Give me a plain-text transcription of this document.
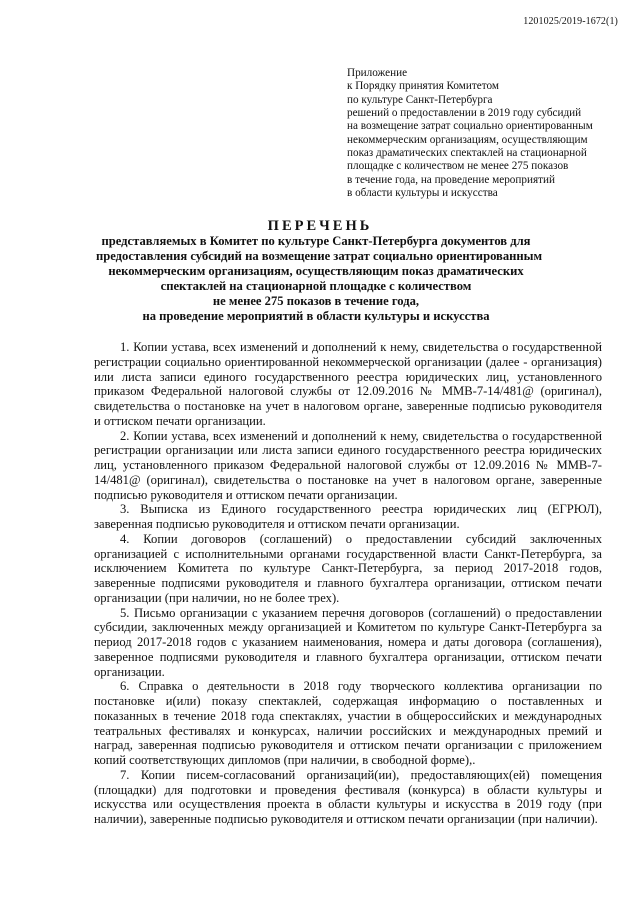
1201025/2019-1672(1)
Приложение
к Порядку принятия Комитетом
по культуре Санкт-Петербурга
решений о предоставлении в 2019 году субсидий
на возмещение затрат социально ориентированным
некоммерческим организациям, осуществляющим
показ драматических спектаклей на стационарной
площадке с количеством не менее 275 показов
в течение года, на проведение мероприятий
в области культуры и искусства
ПЕРЕЧЕНЬ
представляемых в Комитет по культуре Санкт-Петербурга документов для
предоставления субсидий на возмещение затрат социально ориентированным
некоммерческим организациям, осуществляющим показ драматических
спектаклей на стационарной площадке с количеством
не менее 275 показов в течение года,
на проведение мероприятий в области культуры и искусства

1. Копии устава, всех изменений и дополнений к нему, свидетельства о государственной регистрации социально ориентированной некоммерческой организации (далее - организация) или листа записи единого государственного реестра юридических лиц, установленного приказом Федеральной налоговой службы от 12.09.2016 № ММВ-7-14/481@ (оригинал), свидетельства о постановке на учет в налоговом органе, заверенные подписью руководителя и оттиском печати организации.

2. Копии устава, всех изменений и дополнений к нему, свидетельства о государственной регистрации организации или листа записи единого государственного реестра юридических лиц, установленного приказом Федеральной налоговой службы от 12.09.2016 № ММВ-7-14/481@ (оригинал), свидетельства о постановке на учет в налоговом органе, заверенные подписью руководителя и оттиском печати организации.

3. Выписка из Единого государственного реестра юридических лиц (ЕГРЮЛ), заверенная подписью руководителя и оттиском печати организации.

4. Копии договоров (соглашений) о предоставлении субсидий заключенных организацией с исполнительными органами государственной власти Санкт-Петербурга, за исключением Комитета по культуре Санкт-Петербурга, за период 2017-2018 годов, заверенные подписями руководителя и главного бухгалтера организации, оттиском печати организации (при наличии, но не более трех).

5. Письмо организации с указанием перечня договоров (соглашений) о предоставлении субсидии, заключенных между организацией и Комитетом по культуре Санкт-Петербурга за период 2017-2018 годов с указанием наименования, номера и даты договора (соглашения), заверенное подписями руководителя и главного бухгалтера организации, оттиском печати организации.

6. Справка о деятельности в 2018 году творческого коллектива организации по постановке и(или) показу спектаклей, содержащая информацию о поставленных и показанных в течение 2018 года спектаклях, участии в общероссийских и международных театральных фестивалях и конкурсах, наличии российских и международных премий и наград, заверенная подписью руководителя и оттиском печати организации с приложением копий соответствующих дипломов (при наличии, в свободной форме),.

7. Копии писем-согласований организаций(ии), предоставляющих(ей) помещения (площадки) для подготовки и проведения фестиваля (конкурса) в области культуры и искусства или осуществления проекта в области культуры и искусства в 2019 году (при наличии), заверенные подписью руководителя и оттиском печати организации (при наличии).
